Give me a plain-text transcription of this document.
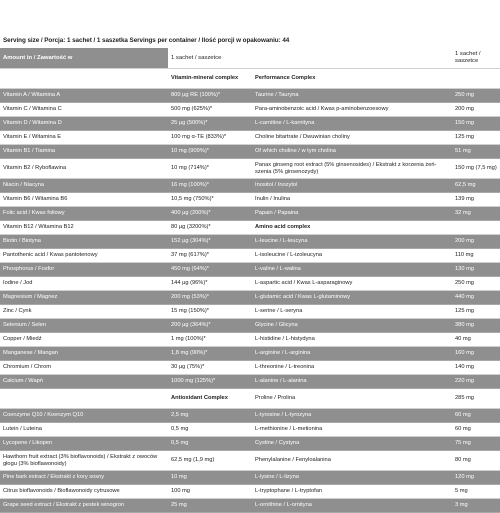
Serving size / Porcja: 1 sachet / 1 saszetka Servings per container / Ilość porcji w opakowaniu: 44
Amount in / Zawartość w	1 sachet / saszetce		1 sachet / saszetce
	Vitamin-mineral complex	Performance Complex	
Vitamin A / Witamina A	800 µg RE (100%)*	Taurine / Tauryna	250 mg
Vitamin C / Witamina C	500 mg (625%)*	Para-aminobenzoic acid / Kwas p-aminobenzoesowy	200 mg
Vitamin D / Witamina D	25 µg (500%)*	L-carnitine / L-karnityna	150 mg
Vitamin E / Witamina E	100 mg α-TE (833%)*	Choline bitartrate / Dwuwinian choliny	125 mg
Vitamin B1 / Tiamina	10 mg (909%)*	Of which choline / w tym cholina	51 mg
Vitamin B2 / Ryboflawina	10 mg (714%)*	Panax ginseng root extract (5% ginsenosides) / Ekstrakt z korzenia żeń-szenia (5% ginsenozydy)	150 mg (7,5 mg)
Niacin / Niacyna	16 mg (100%)*	Inositol / Inozytol	62,5 mg
Vitamin B6 / Witamina B6	10,5 mg (750%)*	Inulin / Inulina	139 mg
Folic acid / Kwas foliowy	400 µg (200%)*	Papain / Papaina	32 mg
Vitamin B12 / Witamina B12	80 µg (3200%)*	Amino acid complex	
Biotin / Biotyna	152 µg (304%)*	L-leucine / L-leucyna	200 mg
Pantothenic acid / Kwas pantotenowy	37 mg (617%)*	L-isoleucine / L-izoleucyna	110 mg
Phosphorus / Fosfor	450 mg (64%)*	L-valine / L-walina	130 mg
Iodine / Jod	144 µg (96%)*	L-aspartic acid / Kwas L-asparaginowy	250 mg
Magnesium / Magnez	200 mg (53%)*	L-glutamic acid / Kwas L-glutaminowy	440 mg
Zinc / Cynk	15 mg (150%)*	L-serine / L-seryna	125 mg
Selenium / Selen	200 µg (364%)*	Glycine / Glicyna	380 mg
Copper / Miedź	1 mg (100%)*	L-histidine / L-histydyna	40 mg
Manganese / Mangan	1,8 mg (90%)*	L-arginine / L-arginina	160 mg
Chromium / Chrom	30 µg (75%)*	L-threonine / L-treonina	140 mg
Calcium / Wapń	1000 mg (125%)*	L-alanine / L-alanina	220 mg
	Antioxidant Complex	Proline / Prolina	285 mg
Coenzyme Q10 / Koenzym Q10	2,5 mg	L-tyrosine / L-tyrozyna	60 mg
Lutein / Luteina	0,5 mg	L-methionine / L-metionina	60 mg
Lycopene / Likopen	0,5 mg	Cystine / Cystyna	75 mg
Hawthorn fruit extract (3% bioflavonoids) / Ekstrakt z owoców głogu (3% bioflawonoidy)	62,5 mg (1,9 mg)	Phenylalanine / Fenyloalanina	80 mg
Pine bark extract / Ekstrakt z kory sosny	10 mg	L-lysine / L-lizyna	120 mg
Citrus bioflavonoids / Bioflawonoidy cytrusowe	100 mg	L-tryptophane / L-tryptofan	5 mg
Grape seed extract / Ekstrakt z pestek winogron	25 mg	L-ornithine / L-ornityna	3 mg
